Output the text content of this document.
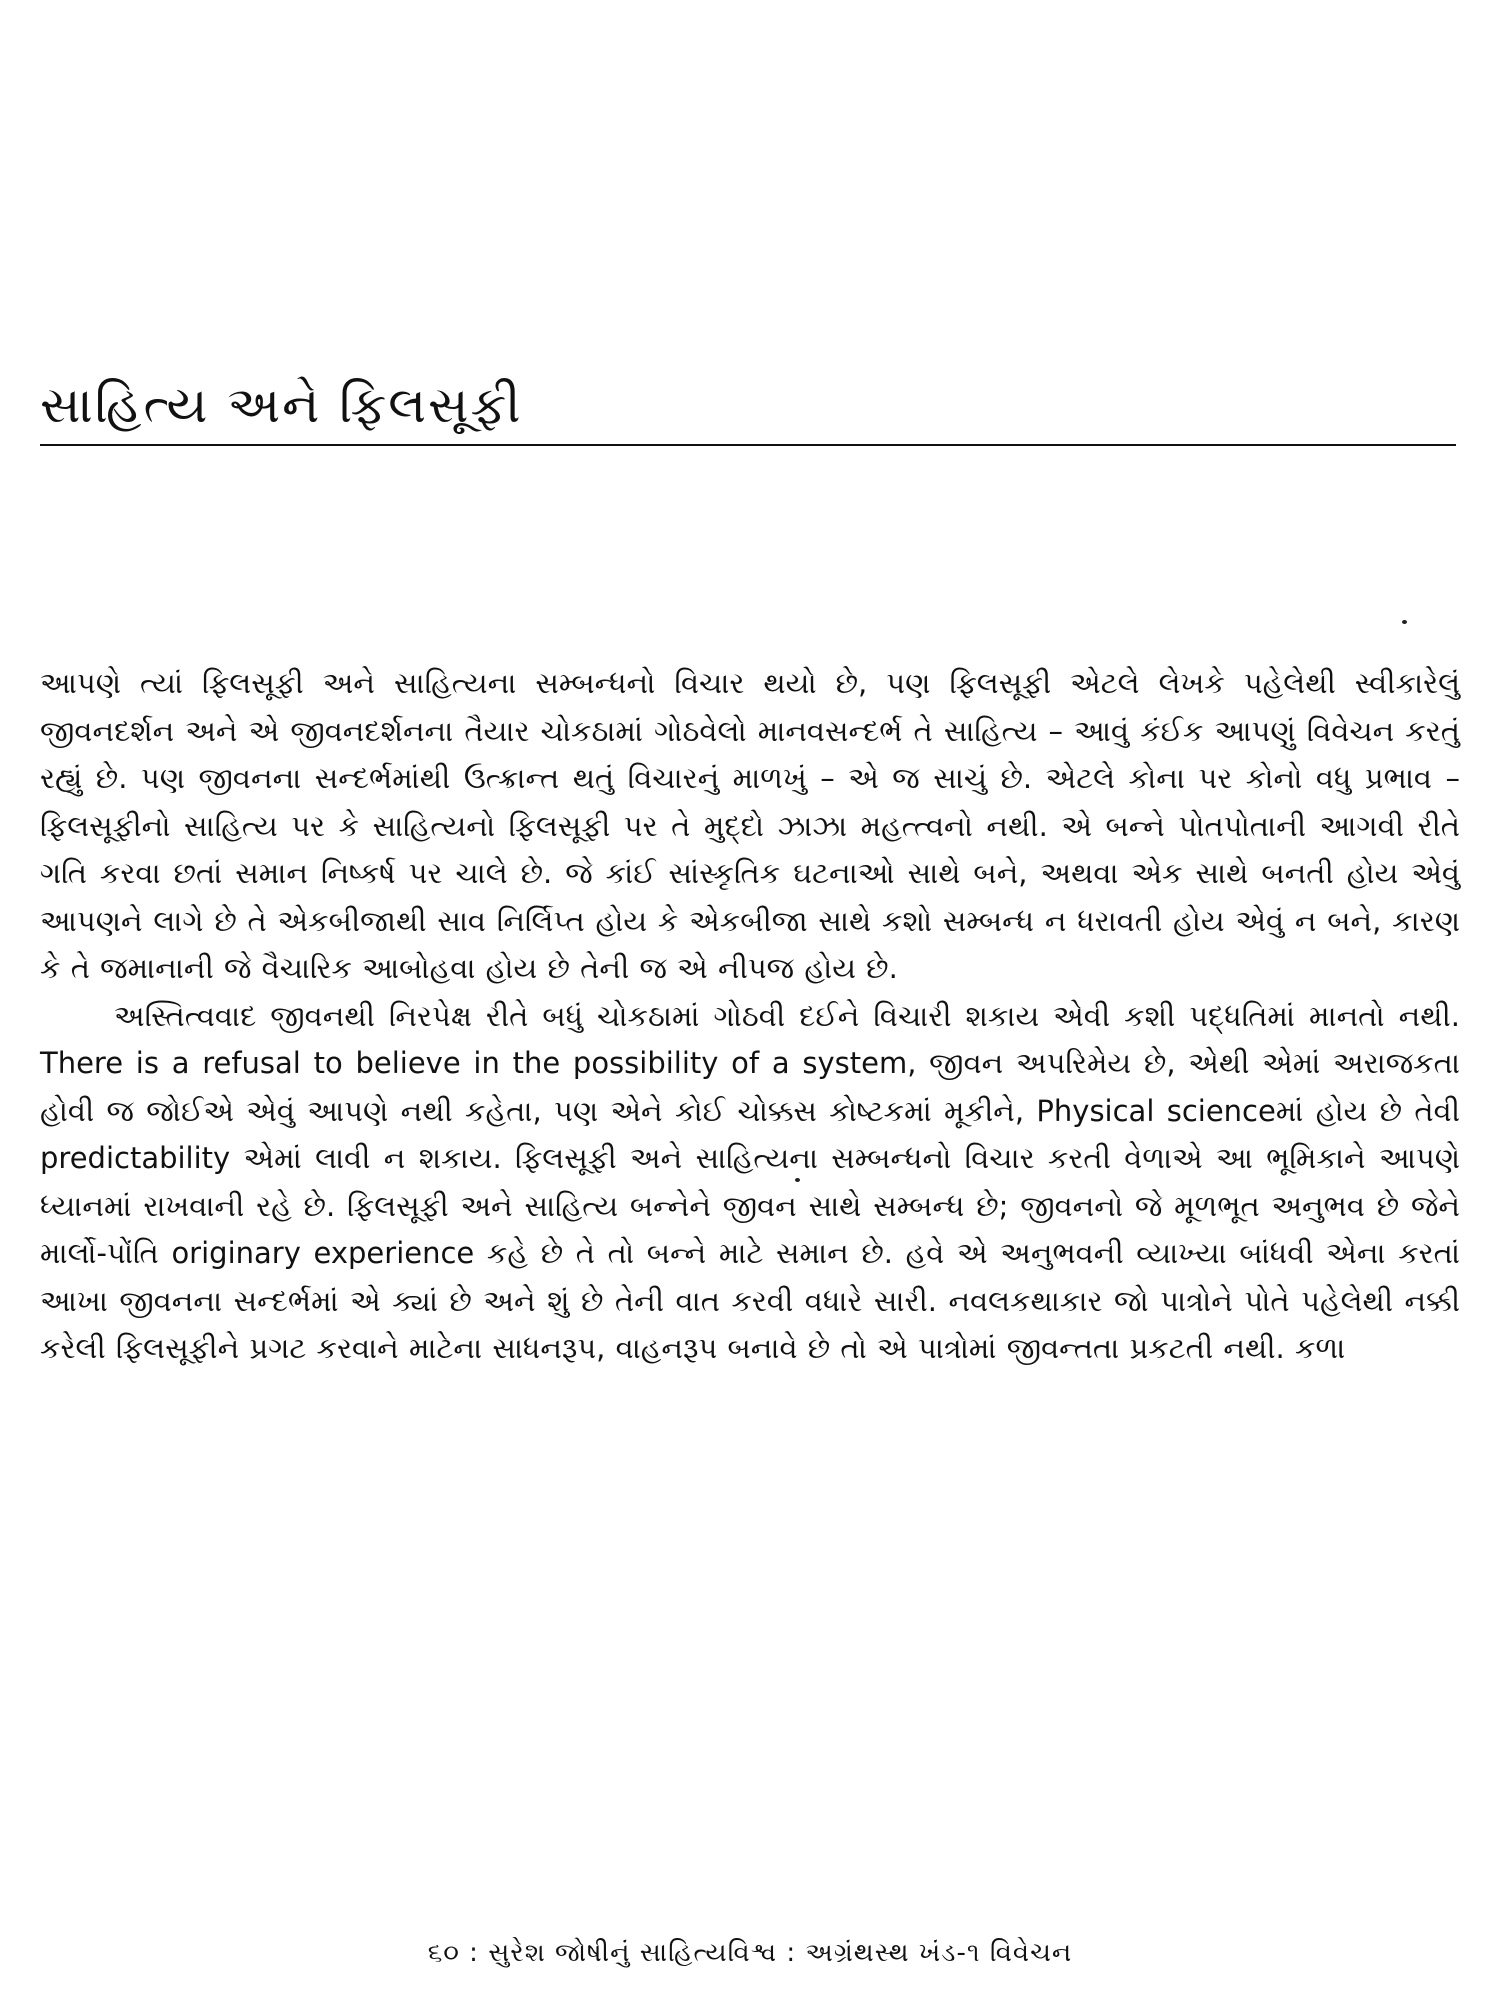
સાહિત્ય અને ફિલસૂફી

આપણે ત્યાં ફિલસૂફી અને સાહિત્યના સમ્બન્ધનો વિચાર થયો છે, પણ ફિલસૂફી એટલે લેખકે પહેલેથી સ્વીકારેલું જીવનદર્શન અને એ જીવનદર્શનના તૈયાર ચોકઠામાં ગોઠવેલો માનવસન્દર્ભ તે સાહિત્ય – આવું કંઈક આપણું વિવેચન કરતું રહ્યું છે. પણ જીવનના સન્દર્ભમાંથી ઉત્ક્રાન્ત થતું વિચારનું માળખું – એ જ સાચું છે. એટલે કોના પર કોનો વધુ પ્રભાવ – ફિલસૂફીનો સાહિત્ય પર કે સાહિત્યનો ફિલસૂફી પર તે મુદ્દો ઝાઝા મહત્ત્વનો નથી. એ બન્ને પોતપોતાની આગવી રીતે ગતિ કરવા છતાં સમાન નિષ્કર્ષ પર ચાલે છે. જે કાંઈ સાંસ્કૃતિક ઘટનાઓ સાથે બને, અથવા એક સાથે બનતી હોય એવું આપણને લાગે છે તે એકબીજાથી સાવ નિર્લિપ્ત હોય કે એકબીજા સાથે કશો સમ્બન્ધ ન ધરાવતી હોય એવું ન બને, કારણ કે તે જમાનાની જે વૈચારિક આબોહવા હોય છે તેની જ એ નીપજ હોય છે.

અસ્તિત્વવાદ જીવનથી નિરપેક્ષ રીતે બધું ચોકઠામાં ગોઠવી દઈને વિચારી શકાય એવી કશી પદ્ધતિમાં માનતો નથી. There is a refusal to believe in the possibility of a system, જીવન અપરિમેય છે, એથી એમાં અરાજકતા હોવી જ જોઈએ એવું આપણે નથી કહેતા, પણ એને કોઈ ચોક્કસ કોષ્ટકમાં મૂકીને, Physical scienceમાં હોય છે તેવી predictability એમાં લાવી ન શકાય. ફિલસૂફી અને સાહિત્યના સમ્બન્ધનો વિચાર કરતી વેળાએ આ ભૂમિકાને આપણે ધ્યાનમાં રાખવાની રહે છે. ફિલસૂફી અને સાહિત્ય બન્નેને જીવન સાથે સમ્બન્ધ છે; જીવનનો જે મૂળભૂત અનુભવ છે જેને માર્લો-પોંતિ originary experience કહે છે તે તો બન્ને માટે સમાન છે. હવે એ અનુભવની વ્યાખ્યા બાંધવી એના કરતાં આખા જીવનના સન્દર્ભમાં એ ક્યાં છે અને શું છે તેની વાત કરવી વધારે સારી. નવલકથાકાર જો પાત્રોને પોતે પહેલેથી નક્કી કરેલી ફિલસૂફીને પ્રગટ કરવાને માટેના સાધનરૂપ, વાહનરૂપ બનાવે છે તો એ પાત્રોમાં જીવન્તતા પ્રકટતી નથી. કળા

૬૦ : સુરેશ જોષીનું સાહિત્યવિશ્વ : અગ્રંથસ્થ ખંડ-૧ વિવેચન
